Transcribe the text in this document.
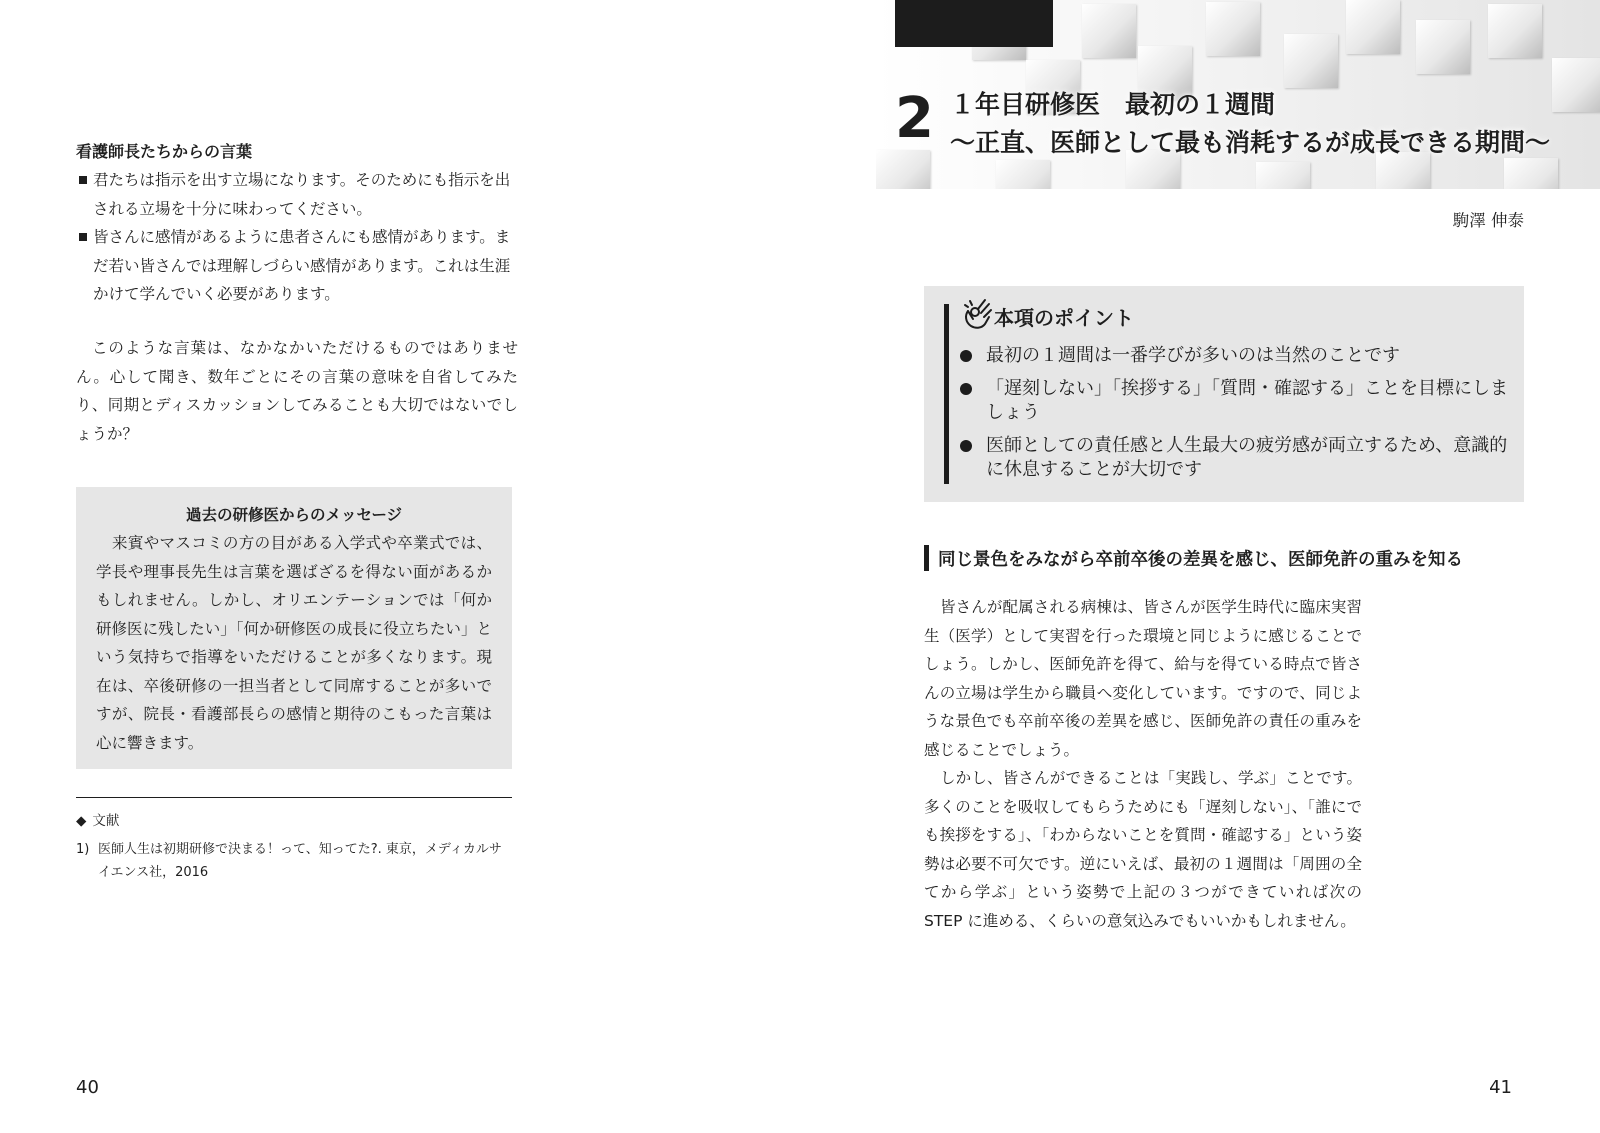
看護師長たちからの言葉
君たちは指示を出す立場になります。そのためにも指示を出される立場を十分に味わってください。
皆さんに感情があるように患者さんにも感情があります。まだ若い皆さんでは理解しづらい感情があります。これは生涯かけて学んでいく必要があります。

このような言葉は、なかなかいただけるものではありません。心して聞き、数年ごとにその言葉の意味を自省してみたり、同期とディスカッションしてみることも大切ではないでしょうか？

過去の研修医からのメッセージ

来賓やマスコミの方の目がある入学式や卒業式では、学長や理事長先生は言葉を選ばざるを得ない面があるかもしれません。しかし、オリエンテーションでは「何か研修医に残したい」「何か研修医の成長に役立ちたい」という気持ちで指導をいただけることが多くなります。現在は、卒後研修の一担当者として同席することが多いですが、院長・看護部長らの感情と期待のこもった言葉は心に響きます。

◆ 文献
1) 医師人生は初期研修で決まる！って、知ってた?. 東京，メディカルサイエンス社，2016
40
2 １年目研修医　最初の１週間
〜正直、医師として最も消耗するが成長できる期間〜
駒澤 伸泰
本項のポイント
最初の１週間は一番学びが多いのは当然のことです
「遅刻しない」「挨拶する」「質問・確認する」ことを目標にしましょう
医師としての責任感と人生最大の疲労感が両立するため、意識的に休息することが大切です
同じ景色をみながら卒前卒後の差異を感じ、医師免許の重みを知る

皆さんが配属される病棟は、皆さんが医学生時代に臨床実習生（医学）として実習を行った環境と同じように感じることでしょう。しかし、医師免許を得て、給与を得ている時点で皆さんの立場は学生から職員へ変化しています。ですので、同じような景色でも卒前卒後の差異を感じ、医師免許の責任の重みを感じることでしょう。

しかし、皆さんができることは「実践し、学ぶ」ことです。多くのことを吸収してもらうためにも「遅刻しない」、「誰にでも挨拶をする」、「わからないことを質問・確認する」という姿勢は必要不可欠です。逆にいえば、最初の１週間は「周囲の全てから学ぶ」という姿勢で上記の３つができていれば次の STEP に進める、くらいの意気込みでもいいかもしれません。

41
